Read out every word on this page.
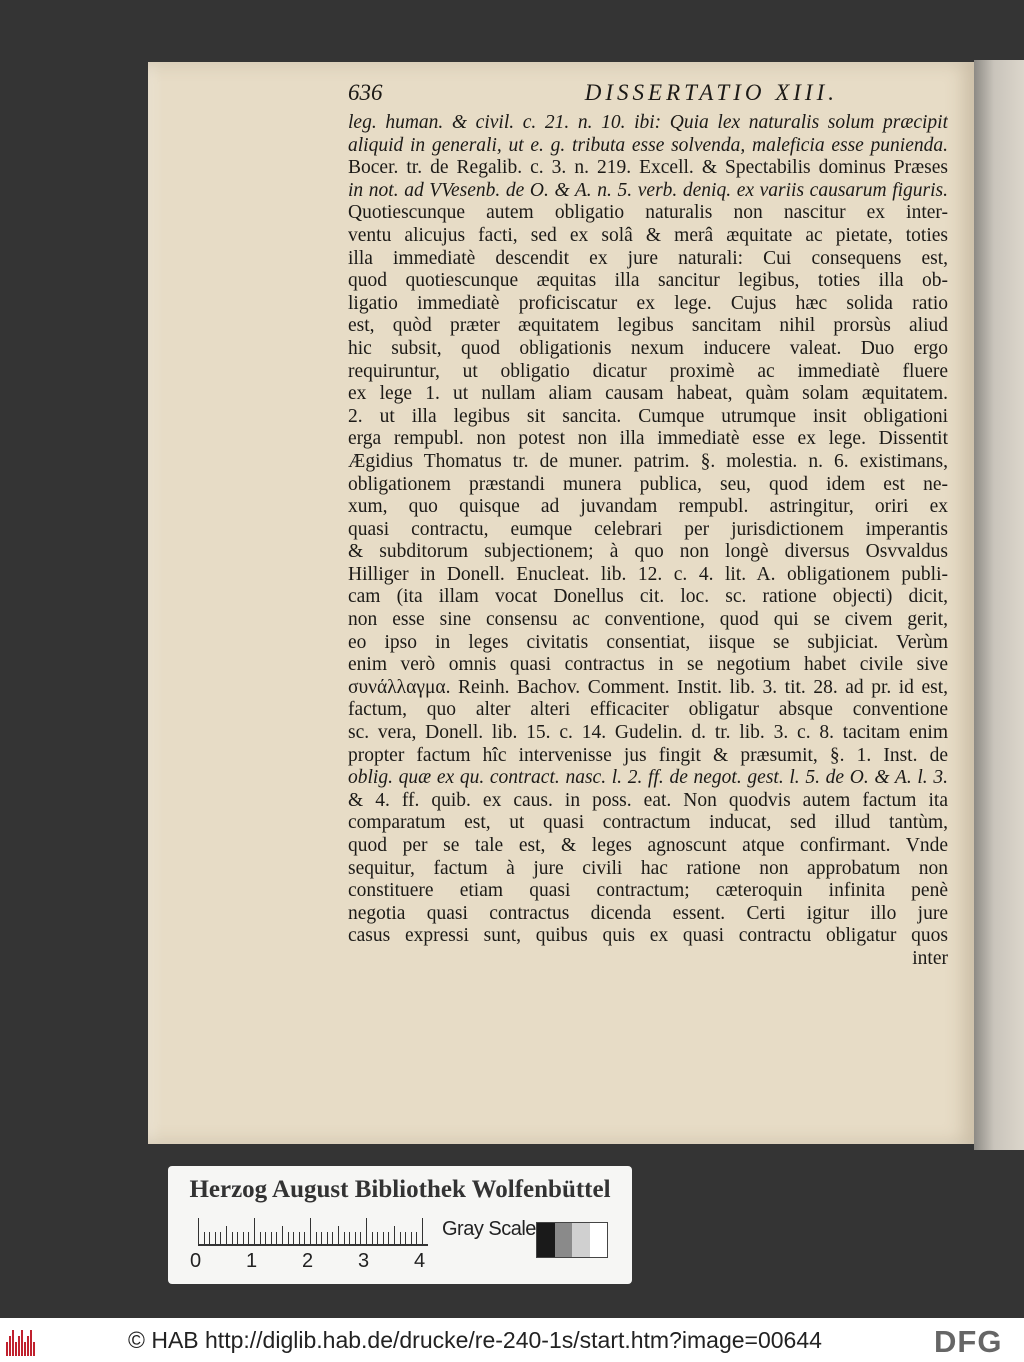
636	DISSERTATIO XIII.
leg. human. & civil. c. 21. n. 10. ibi: Quia lex naturalis solum præcipit
aliquid in generali, ut e. g. tributa esse solvenda, maleficia esse punienda.
Bocer. tr. de Regalib. c. 3. n. 219. Excell. & Spectabilis dominus Præses
in not. ad VVesenb. de O. & A. n. 5. verb. deniq. ex variis causarum figuris.
Quotiescunque autem obligatio naturalis non nascitur ex inter-
ventu alicujus facti, sed ex solâ & merâ æquitate ac pietate, toties
illa immediatè descendit ex jure naturali: Cui consequens est,
quod quotiescunque æquitas illa sancitur legibus, toties illa ob-
ligatio immediatè proficiscatur ex lege. Cujus hæc solida ratio
est, quòd præter æquitatem legibus sancitam nihil prorsùs aliud
hic subsit, quod obligationis nexum inducere valeat. Duo ergo
requiruntur, ut obligatio dicatur proximè ac immediatè fluere
ex lege 1. ut nullam aliam causam habeat, quàm solam æquitatem.
2. ut illa legibus sit sancita. Cumque utrumque insit obligationi
erga rempubl. non potest non illa immediatè esse ex lege. Dissentit
Ægidius Thomatus tr. de muner. patrim. §. molestia. n. 6. existimans,
obligationem præstandi munera publica, seu, quod idem est ne-
xum, quo quisque ad juvandam rempubl. astringitur, oriri ex
quasi contractu, eumque celebrari per jurisdictionem imperantis
& subditorum subjectionem; à quo non longè diversus Osvvaldus
Hilliger in Donell. Enucleat. lib. 12. c. 4. lit. A. obligationem publi-
cam (ita illam vocat Donellus cit. loc. sc. ratione objecti) dicit,
non esse sine consensu ac conventione, quod qui se civem gerit,
eo ipso in leges civitatis consentiat, iisque se subjiciat. Verùm
enim verò omnis quasi contractus in se negotium habet civile sive
συνάλλαγμα. Reinh. Bachov. Comment. Instit. lib. 3. tit. 28. ad pr. id est,
factum, quo alter alteri efficaciter obligatur absque conventione
sc. vera, Donell. lib. 15. c. 14. Gudelin. d. tr. lib. 3. c. 8. tacitam enim
propter factum hîc intervenisse jus fingit & præsumit, §. 1. Inst. de
oblig. quæ ex qu. contract. nasc. l. 2. ff. de negot. gest. l. 5. de O. & A. l. 3.
& 4. ff. quib. ex caus. in poss. eat. Non quodvis autem factum ita
comparatum est, ut quasi contractum inducat, sed illud tantùm,
quod per se tale est, & leges agnoscunt atque confirmant. Vnde
sequitur, factum à jure civili hac ratione non approbatum non
constituere etiam quasi contractum; cæteroquin infinita penè
negotia quasi contractus dicenda essent. Certi igitur illo jure
casus expressi sunt, quibus quis ex quasi contractu obligatur quos
inter
Herzog August Bibliothek Wolfenbüttel
0 1 2 3 4
Gray Scale
© HAB http://diglib.hab.de/drucke/re-240-1s/start.htm?image=00644	DFG
